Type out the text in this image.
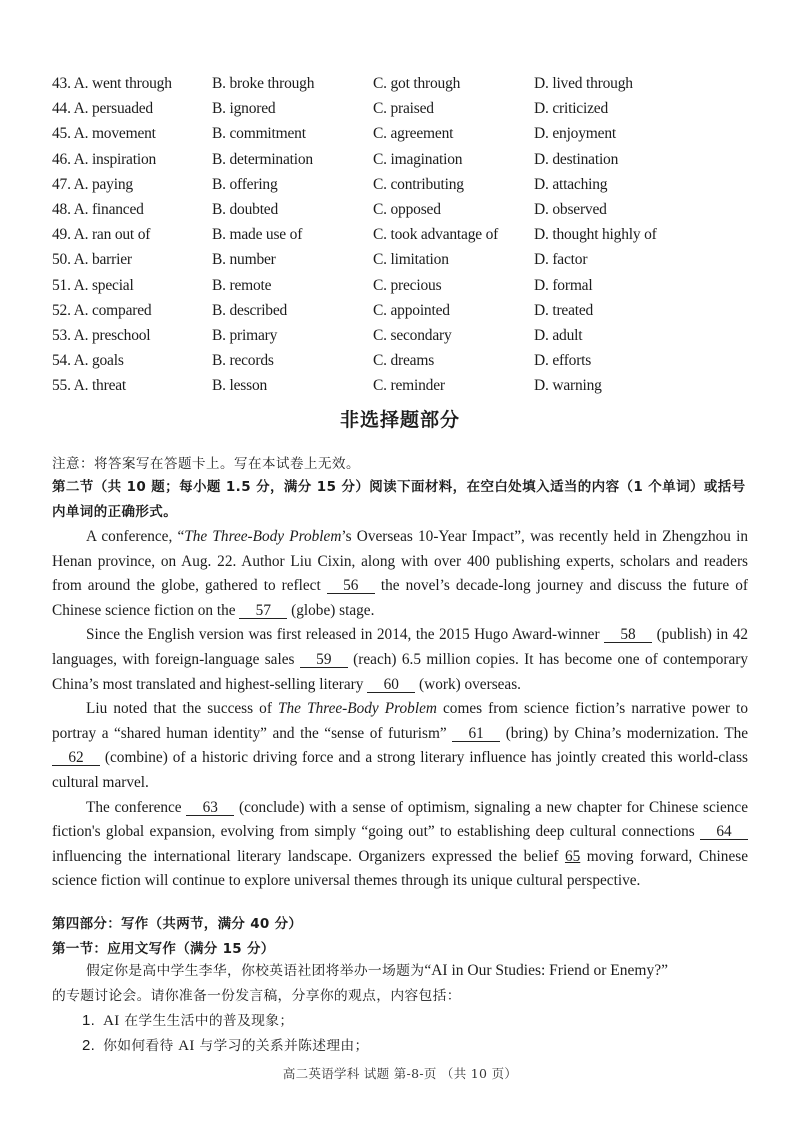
43. A. went through	B. broke through	C. got through	D. lived through
44. A. persuaded	B. ignored	C. praised	D. criticized
45. A. movement	B. commitment	C. agreement	D. enjoyment
46. A. inspiration	B. determination	C. imagination	D. destination
47. A. paying	B. offering	C. contributing	D. attaching
48. A. financed	B. doubted	C. opposed	D. observed
49. A. ran out of	B. made use of	C. took advantage of D. thought highly of
50. A. barrier	B. number	C. limitation	D. factor
51. A. special	B. remote	C. precious	D. formal
52. A. compared	B. described	C. appointed	D. treated
53. A. preschool	B. primary	C. secondary	D. adult
54. A. goals	B. records	C. dreams	D. efforts
55. A. threat	B. lesson	C. reminder	D. warning
非选择题部分
注意：将答案写在答题卡上。写在本试卷上无效。
第二节（共 10 题；每小题 1.5 分，满分 15 分）阅读下面材料，在空白处填入适当的内容（1 个单词）或括号内单词的正确形式。

A conference, “The Three-Body Problem’s Overseas 10-Year Impact”, was recently held in Zhengzhou in Henan province, on Aug. 22. Author Liu Cixin, along with over 400 publishing experts, scholars and readers from around the globe, gathered to reflect 56 the novel’s decade-long journey and discuss the future of Chinese science fiction on the 57 (globe) stage.

Since the English version was first released in 2014, the 2015 Hugo Award-winner 58 (publish) in 42 languages, with foreign-language sales 59 (reach) 6.5 million copies. It has become one of contemporary China’s most translated and highest-selling literary 60 (work) overseas.

Liu noted that the success of The Three-Body Problem comes from science fiction’s narrative power to portray a “shared human identity” and the “sense of futurism” 61 (bring) by China’s modernization. The 62 (combine) of a historic driving force and a strong literary influence has jointly created this world-class cultural marvel.

The conference 63 (conclude) with a sense of optimism, signaling a new chapter for Chinese science fiction's global expansion, evolving from simply “going out” to establishing deep cultural connections 64 influencing the international literary landscape. Organizers expressed the belief 65 moving forward, Chinese science fiction will continue to explore universal themes through its unique cultural perspective.

第四部分：写作（共两节，满分 40 分）
第一节：应用文写作（满分 15 分）

假定你是高中学生李华，你校英语社团将举办一场题为“AI in Our Studies: Friend or Enemy?”

的专题讨论会。请你准备一份发言稿，分享你的观点，内容包括：

1. AI 在学生生活中的普及现象；
2. 你如何看待 AI 与学习的关系并陈述理由；
高二英语学科 试题 第-8-页 （共 10 页）
